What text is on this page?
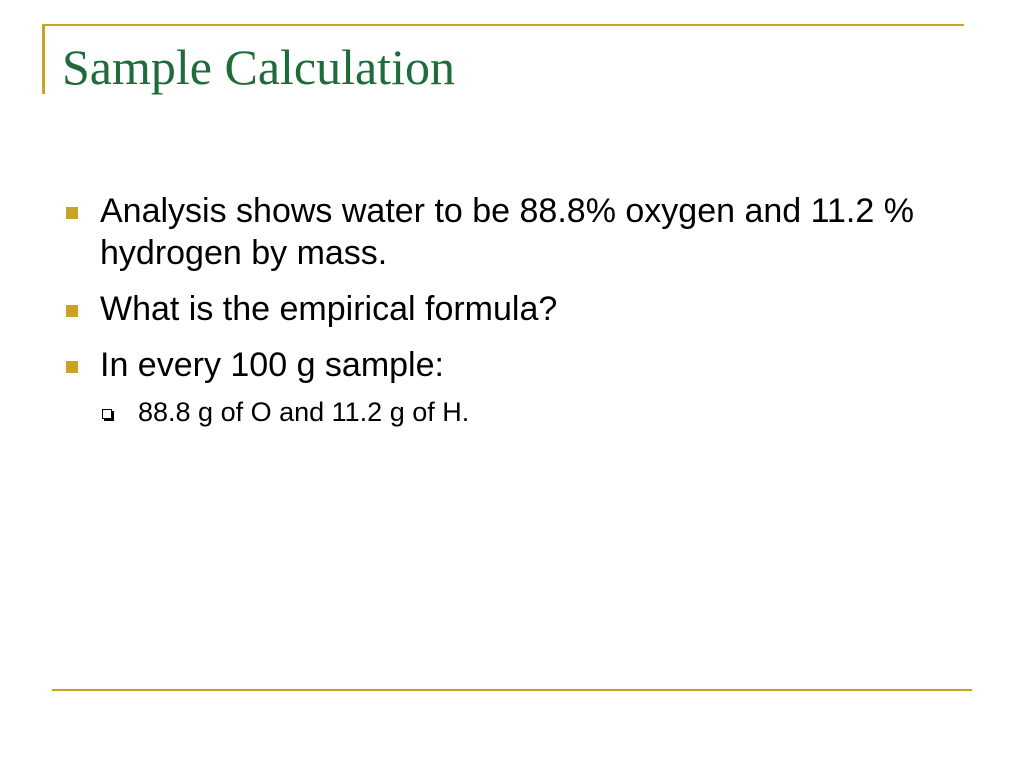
Sample Calculation
Analysis shows water to be 88.8% oxygen and 11.2 % hydrogen by mass.
What is the empirical formula?
In every 100 g sample:
88.8 g of O and 11.2 g of H.
